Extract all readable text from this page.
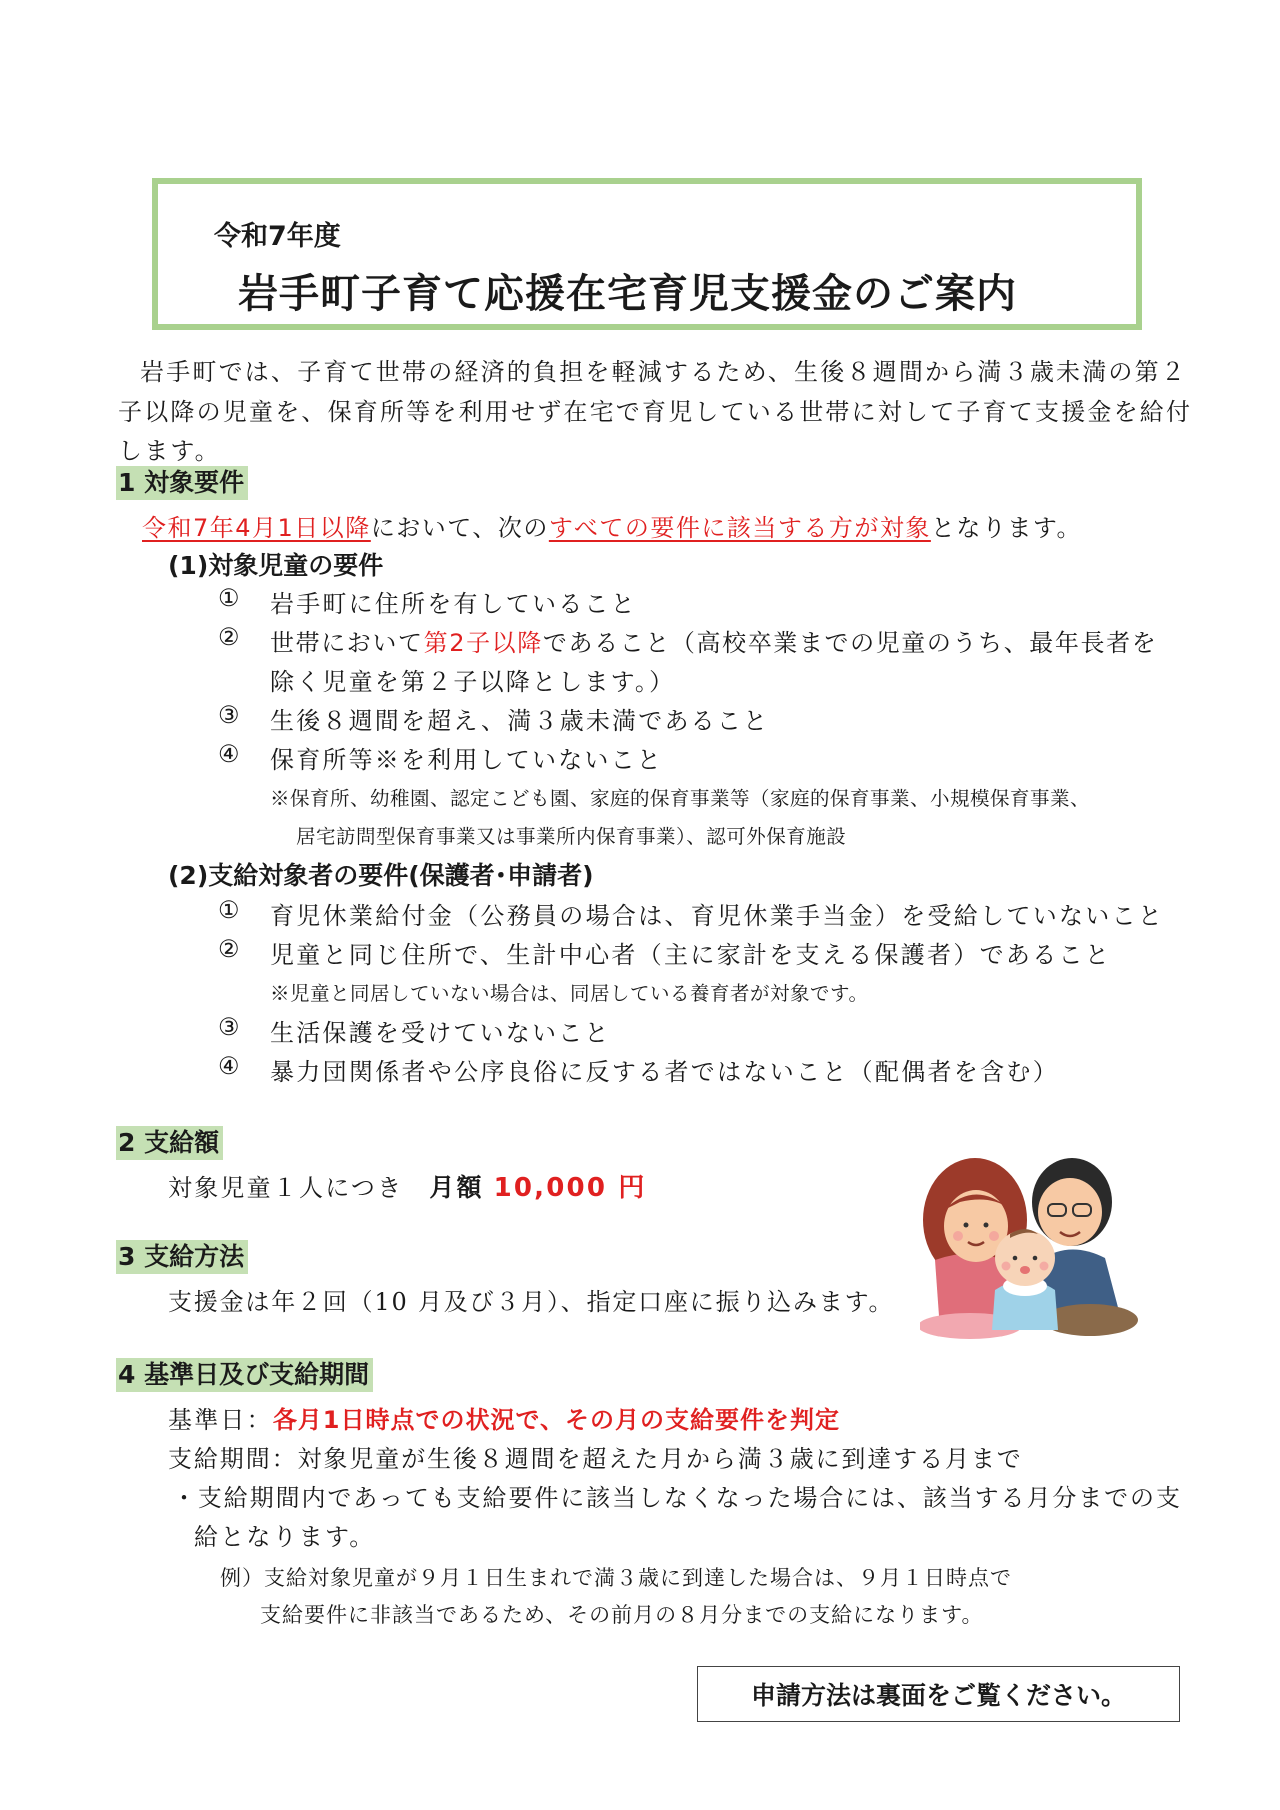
令和7年度
岩手町子育て応援在宅育児支援金のご案内
岩手町では、子育て世帯の経済的負担を軽減するため、生後８週間から満３歳未満の第２
子以降の児童を、保育所等を利用せず在宅で育児している世帯に対して子育て支援金を給付
します。
1 対象要件
令和7年4月1日以降において、次のすべての要件に該当する方が対象となります。
(1)対象児童の要件
① 岩手町に住所を有していること
② 世帯において第2子以降であること（高校卒業までの児童のうち、最年長者を
除く児童を第２子以降とします。）
③ 生後８週間を超え、満３歳未満であること
④ 保育所等※を利用していないこと
※保育所、幼稚園、認定こども園、家庭的保育事業等（家庭的保育事業、小規模保育事業、
居宅訪問型保育事業又は事業所内保育事業）、認可外保育施設
(2)支給対象者の要件(保護者･申請者)
① 育児休業給付金（公務員の場合は、育児休業手当金）を受給していないこと
② 児童と同じ住所で、生計中心者（主に家計を支える保護者）であること
※児童と同居していない場合は、同居している養育者が対象です。
③ 生活保護を受けていないこと
④ 暴力団関係者や公序良俗に反する者ではないこと（配偶者を含む）
2 支給額
対象児童１人につき 月額 10,000 円
3 支給方法
支援金は年２回（10 月及び３月）、指定口座に振り込みます。
4 基準日及び支給期間
基準日：各月1日時点での状況で、その月の支給要件を判定
支給期間：対象児童が生後８週間を超えた月から満３歳に到達する月まで
・支給期間内であっても支給要件に該当しなくなった場合には、該当する月分までの支
給となります。
例）支給対象児童が９月１日生まれで満３歳に到達した場合は、９月１日時点で
支給要件に非該当であるため、その前月の８月分までの支給になります。
申請方法は裏面をご覧ください。
